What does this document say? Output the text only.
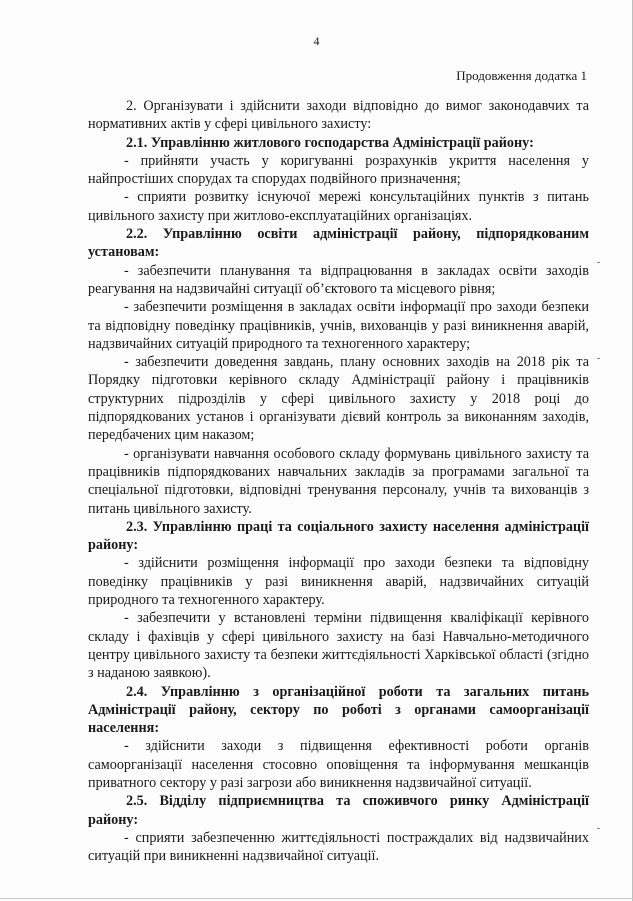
4
Продовження додатка 1

2. Організувати і здійснити заходи відповідно до вимог законодавчих та нормативних актів у сфері цивільного захисту:

2.1. Управлінню житлового господарства Адміністрації району:

- прийняти участь у коригуванні розрахунків укриття населення у найпростіших спорудах та спорудах подвійного призначення;

- сприяти розвитку існуючої мережі консультаційних пунктів з питань цивільного захисту при житлово-експлуатаційних організаціях.

2.2. Управлінню освіти адміністрації району, підпорядкованим установам:

- забезпечити планування та відпрацювання в закладах освіти заходів реагування на надзвичайні ситуації об’єктового та місцевого рівня;

- забезпечити розміщення в закладах освіти інформації про заходи безпеки та відповідну поведінку працівників, учнів, вихованців у разі виникнення аварій, надзвичайних ситуацій природного та техногенного характеру;

- забезпечити доведення завдань, плану основних заходів на 2018 рік та Порядку підготовки керівного складу Адміністрації району і працівників структурних підрозділів у сфері цивільного захисту у 2018 році до підпорядкованих установ і організувати дієвий контроль за виконанням заходів, передбачених цим наказом;

- організувати навчання особового складу формувань цивільного захисту та працівників підпорядкованих навчальних закладів за програмами загальної та спеціальної підготовки, відповідні тренування персоналу, учнів та вихованців з питань цивільного захисту.

2.3. Управлінню праці та соціального захисту населення адміністрації району:

- здійснити розміщення інформації про заходи безпеки та відповідну поведінку працівників у разі виникнення аварій, надзвичайних ситуацій природного та техногенного характеру.

- забезпечити у встановлені терміни підвищення кваліфікації керівного складу і фахівців у сфері цивільного захисту на базі Навчально-методичного центру цивільного захисту та безпеки життєдіяльності Харківської області (згідно з наданою заявкою).

2.4. Управлінню з організаційної роботи та загальних питань Адміністрації району, сектору по роботі з органами самоорганізації населення:

- здійснити заходи з підвищення ефективності роботи органів самоорганізації населення стосовно оповіщення та інформування мешканців приватного сектору у разі загрози або виникнення надзвичайної ситуації.

2.5. Відділу підприємництва та споживчого ринку Адміністрації району:

- сприяти забезпеченню життєдіяльності постраждалих від надзвичайних ситуацій при виникненні надзвичайної ситуації.
